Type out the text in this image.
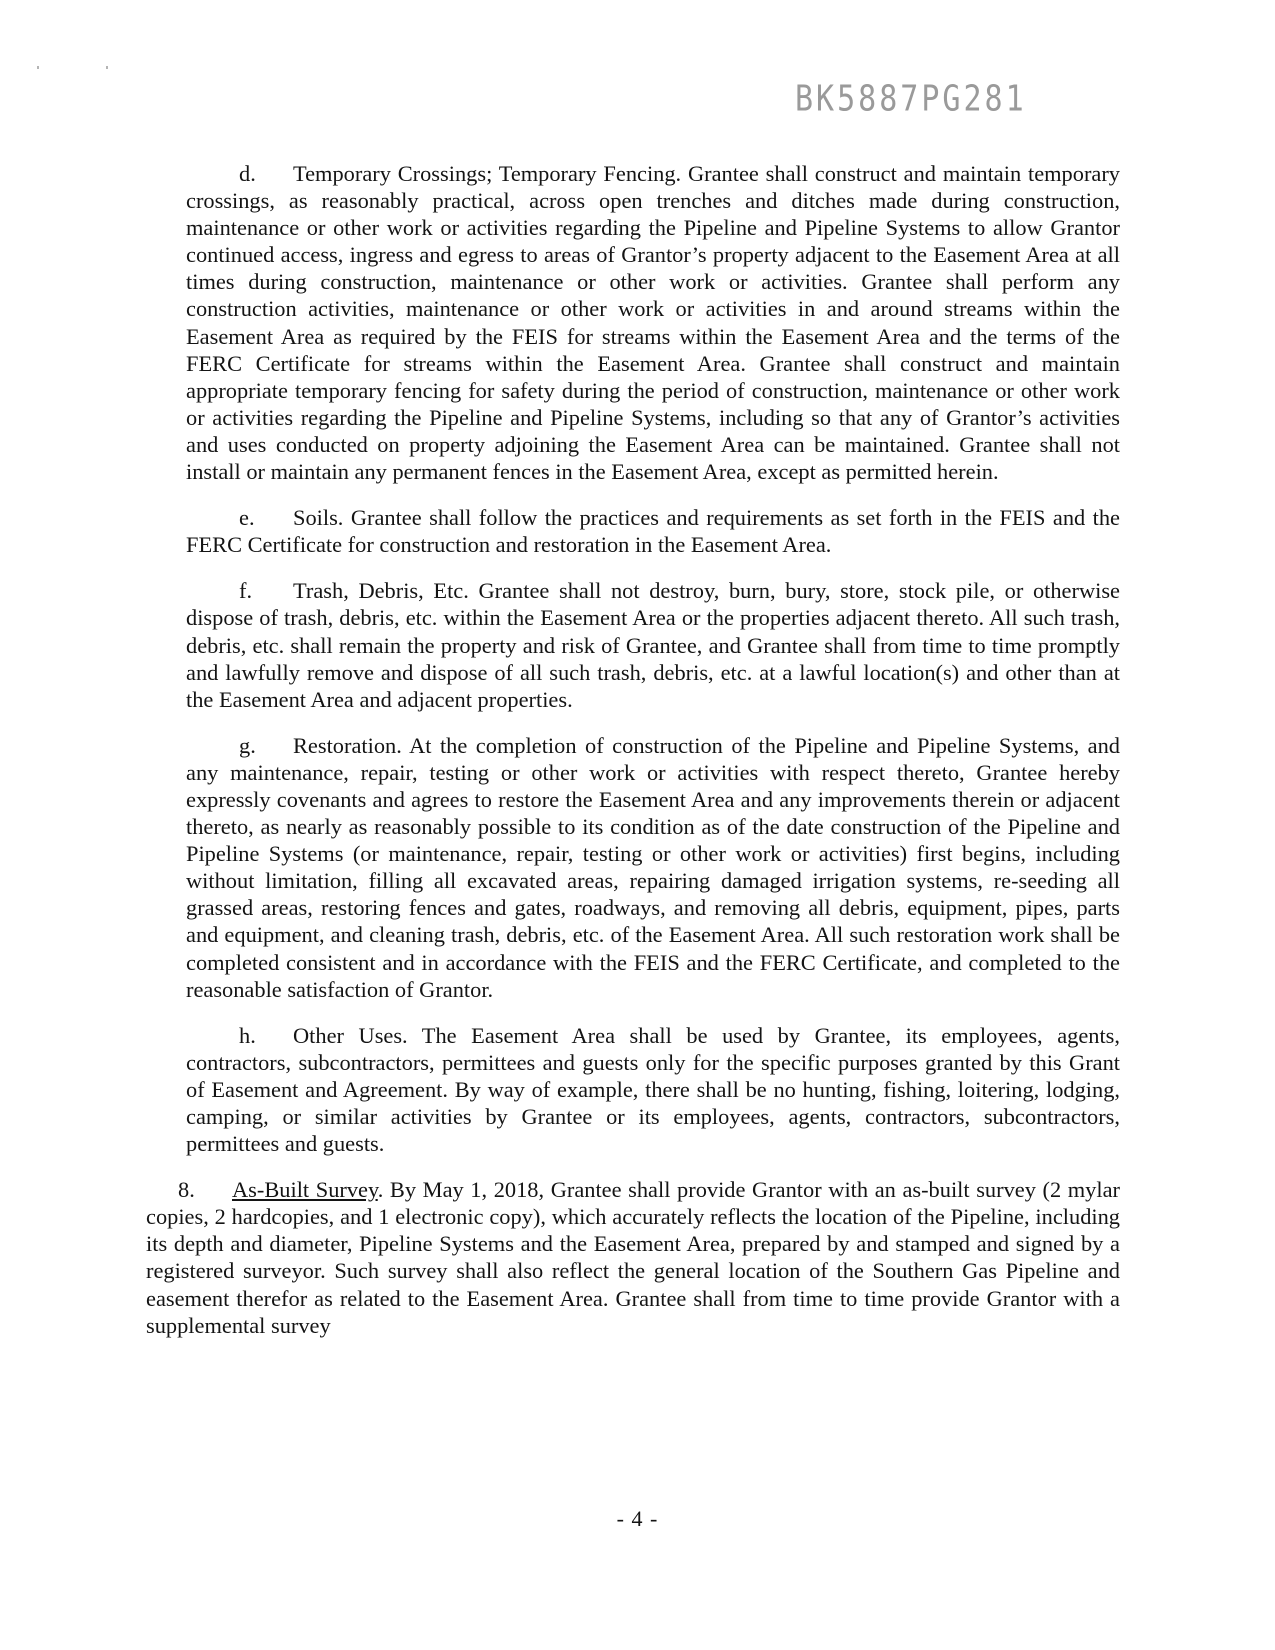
BK5887PG281

d. Temporary Crossings; Temporary Fencing. Grantee shall construct and maintain temporary crossings, as reasonably practical, across open trenches and ditches made during construction, maintenance or other work or activities regarding the Pipeline and Pipeline Systems to allow Grantor continued access, ingress and egress to areas of Grantor’s property adjacent to the Easement Area at all times during construction, maintenance or other work or activities. Grantee shall perform any construction activities, maintenance or other work or activities in and around streams within the Easement Area as required by the FEIS for streams within the Easement Area and the terms of the FERC Certificate for streams within the Easement Area. Grantee shall construct and maintain appropriate temporary fencing for safety during the period of construction, maintenance or other work or activities regarding the Pipeline and Pipeline Systems, including so that any of Grantor’s activities and uses conducted on property adjoining the Easement Area can be maintained. Grantee shall not install or maintain any permanent fences in the Easement Area, except as permitted herein.

e. Soils. Grantee shall follow the practices and requirements as set forth in the FEIS and the FERC Certificate for construction and restoration in the Easement Area.

f. Trash, Debris, Etc. Grantee shall not destroy, burn, bury, store, stock pile, or otherwise dispose of trash, debris, etc. within the Easement Area or the properties adjacent thereto. All such trash, debris, etc. shall remain the property and risk of Grantee, and Grantee shall from time to time promptly and lawfully remove and dispose of all such trash, debris, etc. at a lawful location(s) and other than at the Easement Area and adjacent properties.

g. Restoration. At the completion of construction of the Pipeline and Pipeline Systems, and any maintenance, repair, testing or other work or activities with respect thereto, Grantee hereby expressly covenants and agrees to restore the Easement Area and any improvements therein or adjacent thereto, as nearly as reasonably possible to its condition as of the date construction of the Pipeline and Pipeline Systems (or maintenance, repair, testing or other work or activities) first begins, including without limitation, filling all excavated areas, repairing damaged irrigation systems, re-seeding all grassed areas, restoring fences and gates, roadways, and removing all debris, equipment, pipes, parts and equipment, and cleaning trash, debris, etc. of the Easement Area. All such restoration work shall be completed consistent and in accordance with the FEIS and the FERC Certificate, and completed to the reasonable satisfaction of Grantor.

h. Other Uses. The Easement Area shall be used by Grantee, its employees, agents, contractors, subcontractors, permittees and guests only for the specific purposes granted by this Grant of Easement and Agreement. By way of example, there shall be no hunting, fishing, loitering, lodging, camping, or similar activities by Grantee or its employees, agents, contractors, subcontractors, permittees and guests.

8. As-Built Survey. By May 1, 2018, Grantee shall provide Grantor with an as-built survey (2 mylar copies, 2 hardcopies, and 1 electronic copy), which accurately reflects the location of the Pipeline, including its depth and diameter, Pipeline Systems and the Easement Area, prepared by and stamped and signed by a registered surveyor. Such survey shall also reflect the general location of the Southern Gas Pipeline and easement therefor as related to the Easement Area. Grantee shall from time to time provide Grantor with a supplemental survey

- 4 -
